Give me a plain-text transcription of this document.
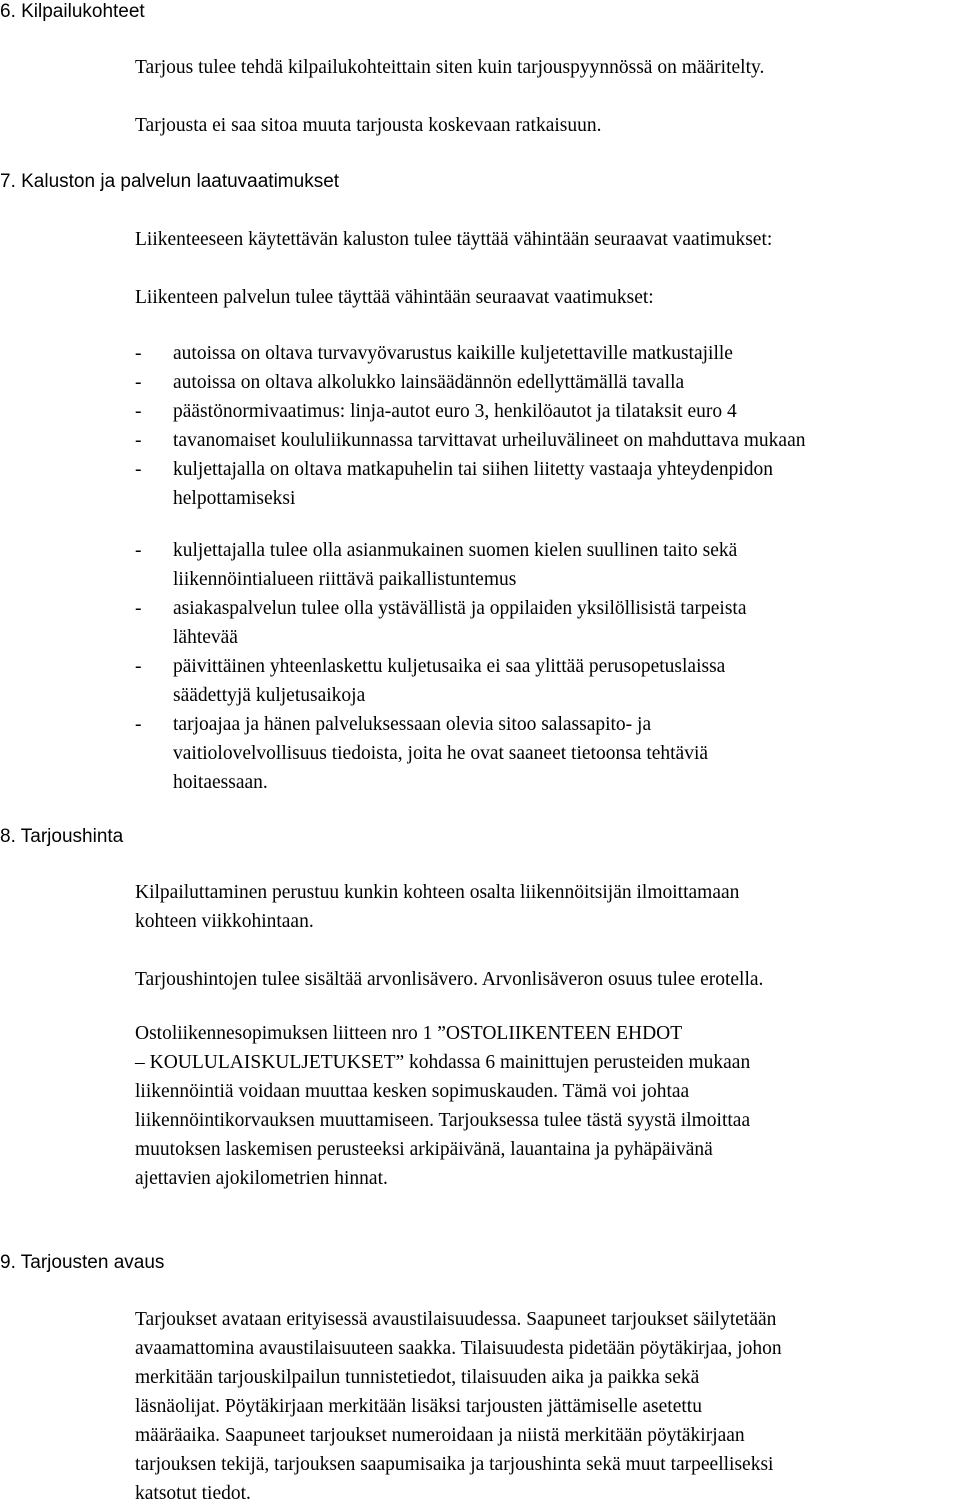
6. Kilpailukohteet

Tarjous tulee tehdä kilpailukohteittain siten kuin tarjouspyynnössä on määritelty.

Tarjousta ei saa sitoa muuta tarjousta koskevaan ratkaisuun.

7. Kaluston ja palvelun laatuvaatimukset

Liikenteeseen käytettävän kaluston tulee täyttää vähintään seuraavat vaatimukset:

Liikenteen palvelun tulee täyttää vähintään seuraavat vaatimukset:

- autoissa on oltava turvavyövarustus kaikille kuljetettaville matkustajille
- autoissa on oltava alkolukko lainsäädännön edellyttämällä tavalla
- päästönormivaatimus: linja-autot euro 3, henkilöautot ja tilataksit euro 4
- tavanomaiset koululiikunnassa tarvittavat urheiluvälineet on mahduttava mukaan
- kuljettajalla on oltava matkapuhelin tai siihen liitetty vastaaja yhteydenpidon
helpottamiseksi
- kuljettajalla tulee olla asianmukainen suomen kielen suullinen taito sekä
liikennöintialueen riittävä paikallistuntemus
- asiakaspalvelun tulee olla ystävällistä ja oppilaiden yksilöllisistä tarpeista
lähtevää
- päivittäinen yhteenlaskettu kuljetusaika ei saa ylittää perusopetuslaissa
säädettyjä kuljetusaikoja
- tarjoajaa ja hänen palveluksessaan olevia sitoo salassapito- ja
vaitiolovelvollisuus tiedoista, joita he ovat saaneet tietoonsa tehtäviä
hoitaessaan.
8. Tarjoushinta

Kilpailuttaminen perustuu kunkin kohteen osalta liikennöitsijän ilmoittamaan
kohteen viikkohintaan.

Tarjoushintojen tulee sisältää arvonlisävero. Arvonlisäveron osuus tulee erotella.

Ostoliikennesopimuksen liitteen nro 1 ”OSTOLIIKENTEEN EHDOT
– KOULULAISKULJETUKSET” kohdassa 6 mainittujen perusteiden mukaan
liikennöintiä voidaan muuttaa kesken sopimuskauden. Tämä voi johtaa
liikennöintikorvauksen muuttamiseen. Tarjouksessa tulee tästä syystä ilmoittaa
muutoksen laskemisen perusteeksi arkipäivänä, lauantaina ja pyhäpäivänä
ajettavien ajokilometrien hinnat.

9. Tarjousten avaus

Tarjoukset avataan erityisessä avaustilaisuudessa. Saapuneet tarjoukset säilytetään
avaamattomina avaustilaisuuteen saakka. Tilaisuudesta pidetään pöytäkirjaa, johon
merkitään tarjouskilpailun tunnistetiedot, tilaisuuden aika ja paikka sekä
läsnäolijat. Pöytäkirjaan merkitään lisäksi tarjousten jättämiselle asetettu
määräaika. Saapuneet tarjoukset numeroidaan ja niistä merkitään pöytäkirjaan
tarjouksen tekijä, tarjouksen saapumisaika ja tarjoushinta sekä muut tarpeelliseksi
katsotut tiedot.
